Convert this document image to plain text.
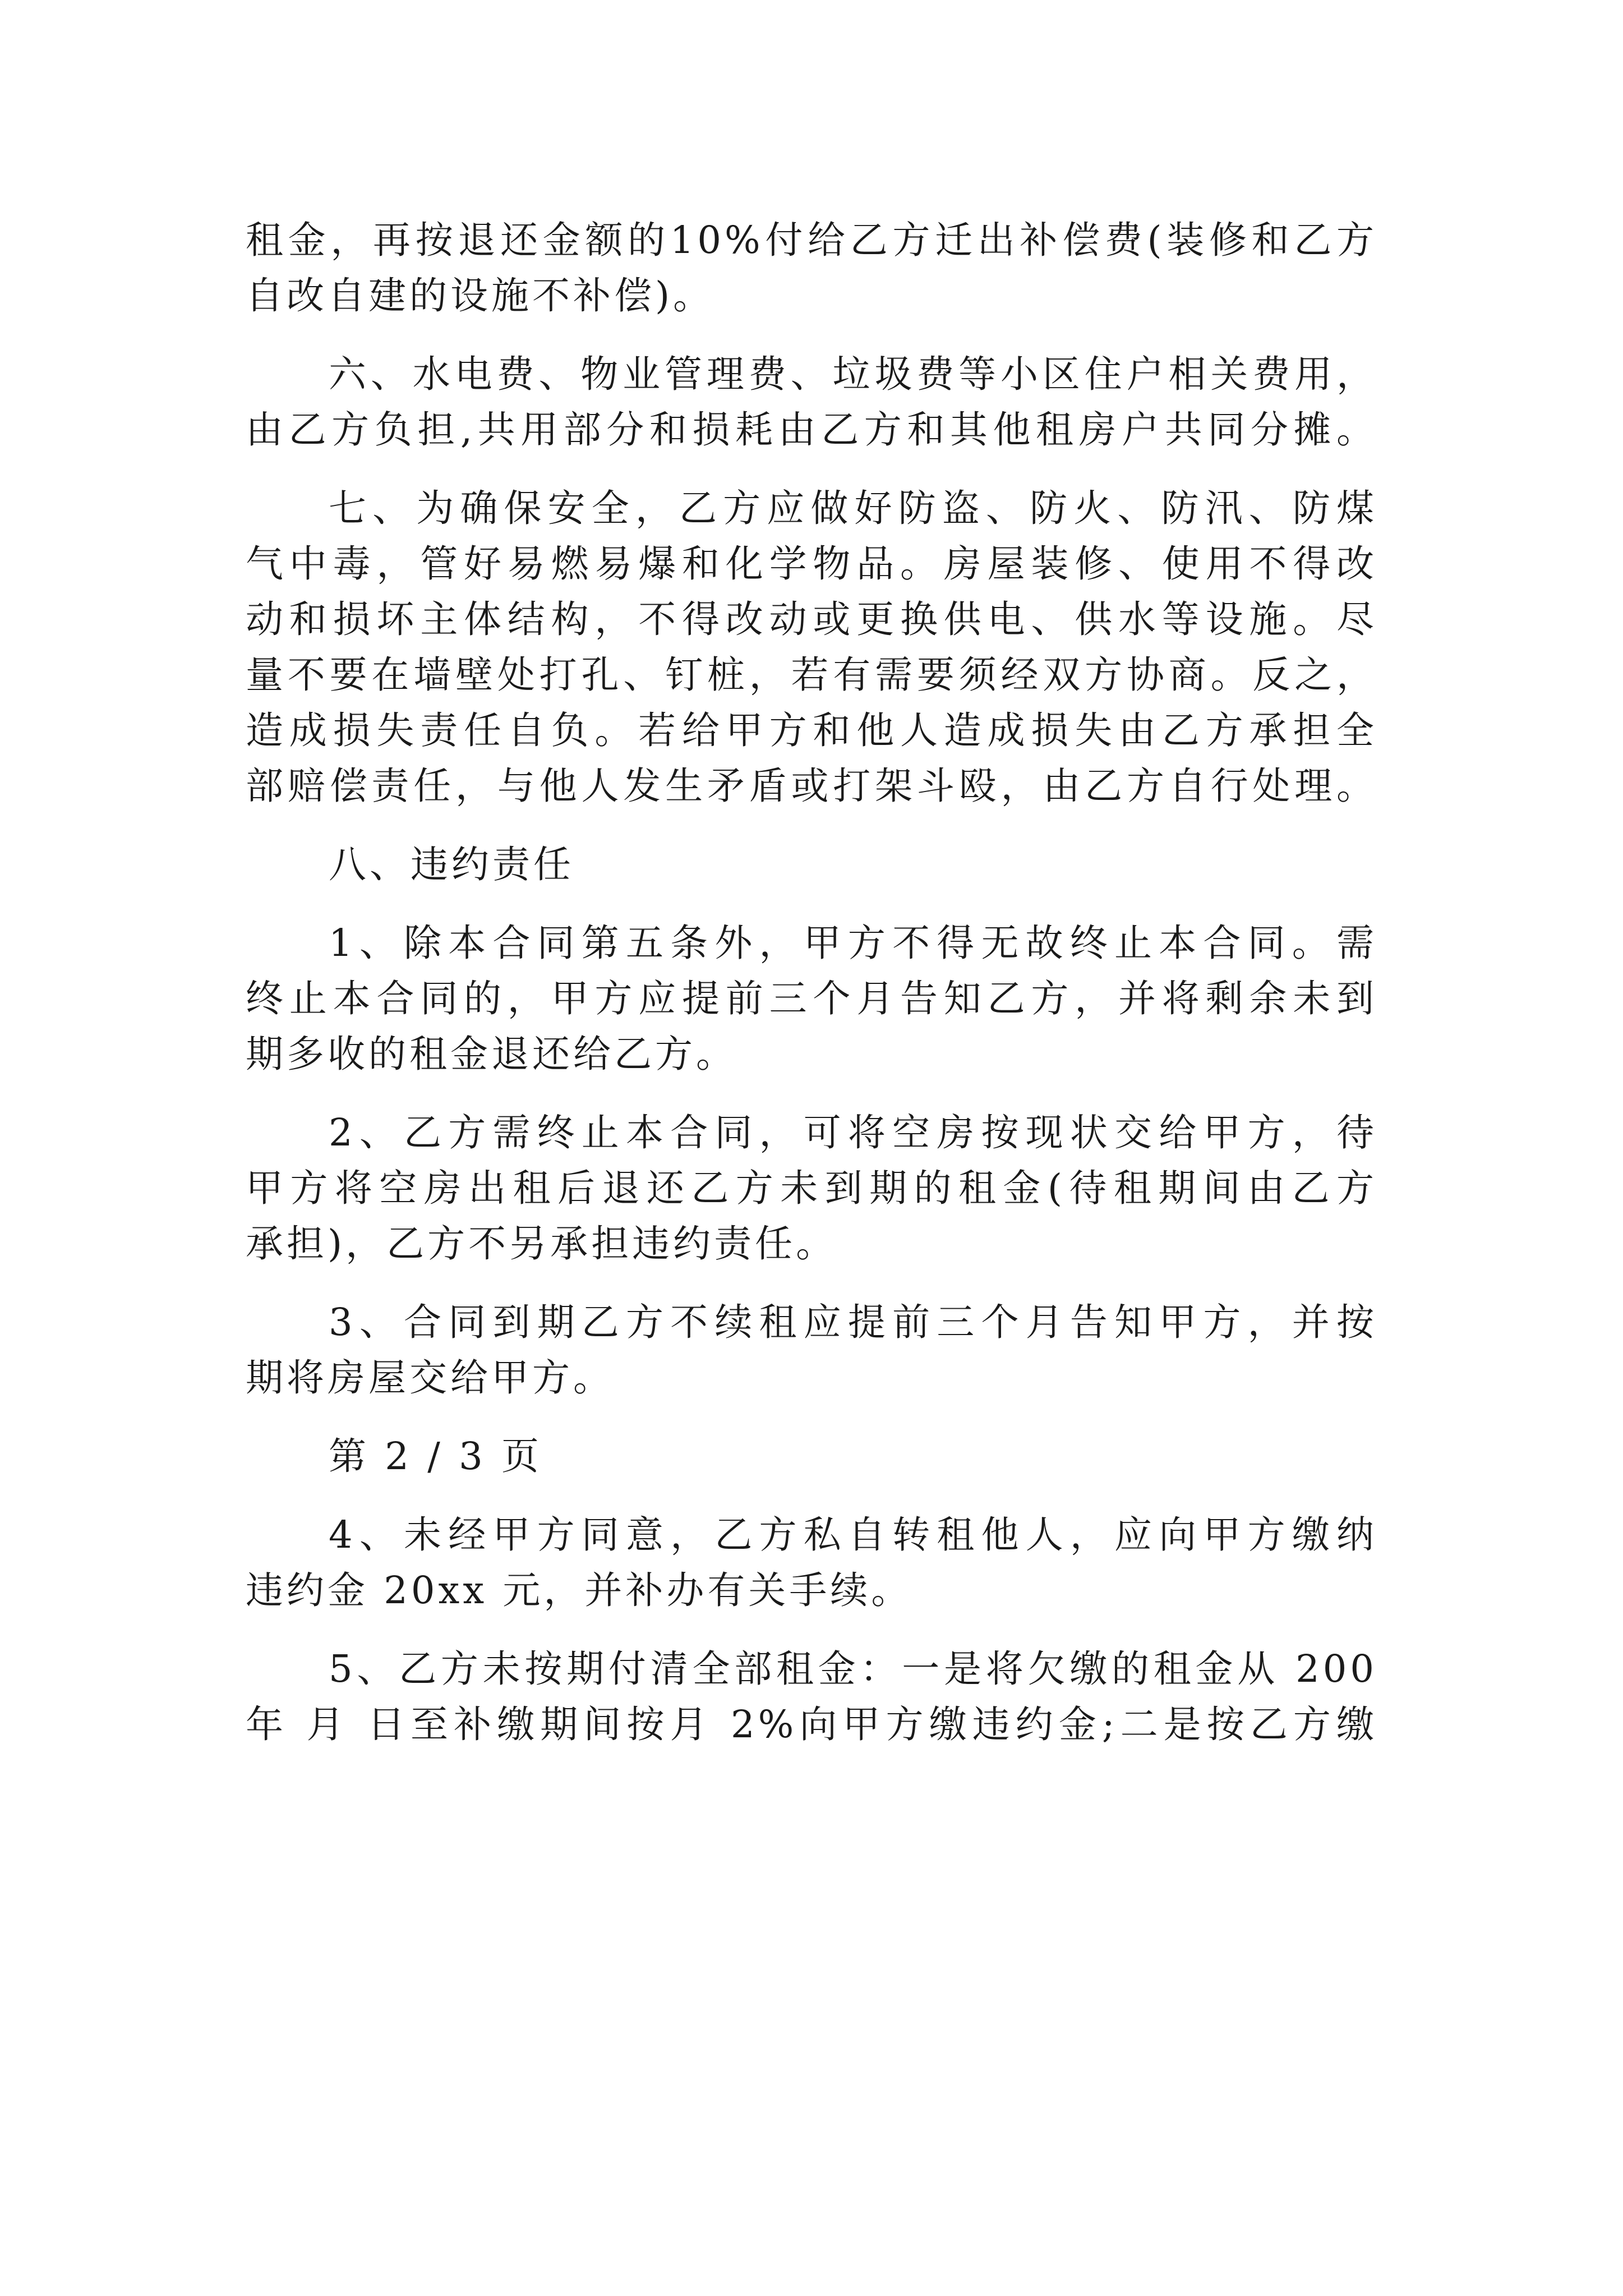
租金，再按退还金额的10%付给乙方迁出补偿费(装修和乙方
自改自建的设施不补偿)。
六、水电费、物业管理费、垃圾费等小区住户相关费用，
由乙方负担,共用部分和损耗由乙方和其他租房户共同分摊。
七、为确保安全，乙方应做好防盗、防火、防汛、防煤
气中毒，管好易燃易爆和化学物品。房屋装修、使用不得改
动和损坏主体结构，不得改动或更换供电、供水等设施。尽
量不要在墙壁处打孔、钉桩，若有需要须经双方协商。反之，
造成损失责任自负。若给甲方和他人造成损失由乙方承担全
部赔偿责任，与他人发生矛盾或打架斗殴，由乙方自行处理。
八、违约责任
1、除本合同第五条外，甲方不得无故终止本合同。需
终止本合同的，甲方应提前三个月告知乙方，并将剩余未到
期多收的租金退还给乙方。
2、乙方需终止本合同，可将空房按现状交给甲方，待
甲方将空房出租后退还乙方未到期的租金(待租期间由乙方
承担)，乙方不另承担违约责任。
3、合同到期乙方不续租应提前三个月告知甲方，并按
期将房屋交给甲方。
第 2 / 3 页
4、未经甲方同意，乙方私自转租他人，应向甲方缴纳
违约金 20xx 元，并补办有关手续。
5、乙方未按期付清全部租金：一是将欠缴的租金从 200
年 月 日至补缴期间按月 2%向甲方缴违约金;二是按乙方缴
